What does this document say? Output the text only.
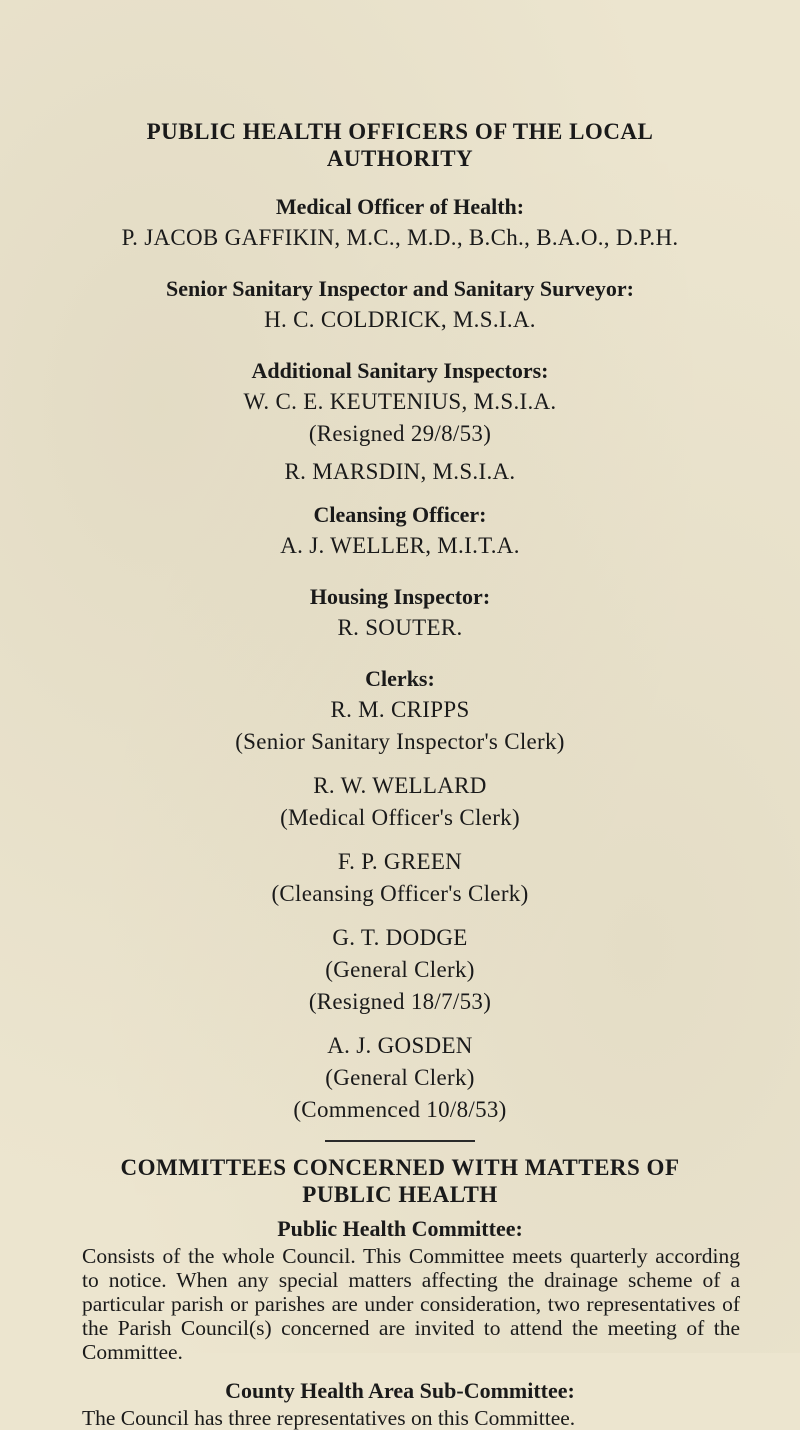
PUBLIC HEALTH OFFICERS OF THE LOCAL
AUTHORITY
Medical Officer of Health:
P. JACOB GAFFIKIN, M.C., M.D., B.Ch., B.A.O., D.P.H.
Senior Sanitary Inspector and Sanitary Surveyor:
H. C. COLDRICK, M.S.I.A.
Additional Sanitary Inspectors:
W. C. E. KEUTENIUS, M.S.I.A.
(Resigned 29/8/53)
R. MARSDIN, M.S.I.A.
Cleansing Officer:
A. J. WELLER, M.I.T.A.
Housing Inspector:
R. SOUTER.
Clerks:
R. M. CRIPPS
(Senior Sanitary Inspector's Clerk)
R. W. WELLARD
(Medical Officer's Clerk)
F. P. GREEN
(Cleansing Officer's Clerk)
G. T. DODGE
(General Clerk)
(Resigned 18/7/53)
A. J. GOSDEN
(General Clerk)
(Commenced 10/8/53)
COMMITTEES CONCERNED WITH MATTERS OF
PUBLIC HEALTH
Public Health Committee:
Consists of the whole Council. This Committee meets quarterly according to notice. When any special matters affecting the drainage scheme of a particular parish or parishes are under consideration, two representatives of the Parish Council(s) concerned are invited to attend the meeting of the Committee.
County Health Area Sub-Committee:
The Council has three representatives on this Committee.
